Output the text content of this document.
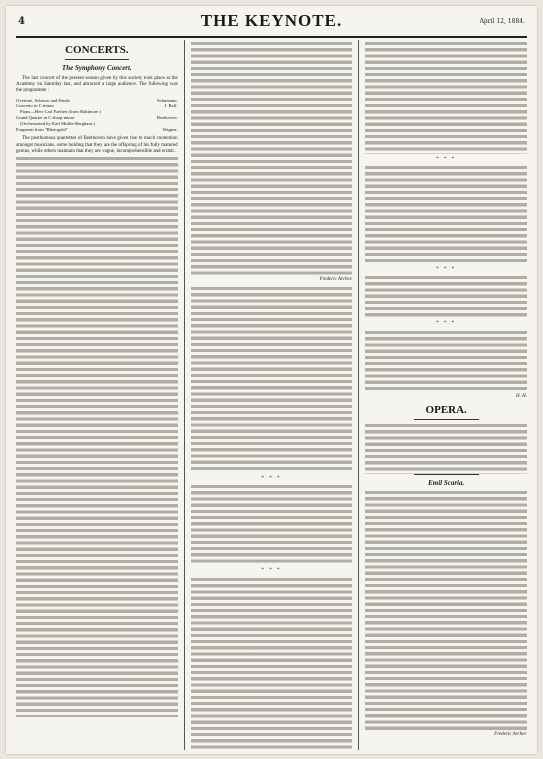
4	THE KEYNOTE.	April 12, 1884.
CONCERTS.
The Symphony Concert.

The last concert of the present season given by this society took place at the Academy on Saturday last, and attracted a large audience. The following was the programme :

Overture, Scherzo and Finale	Schumann.
Concerto in C minor	J. Raff.
Piano—Herr Carl Faelten (from Baltimore.)
Grand Quartet in C sharp minor	Beethoven.
(Orchestrated by Karl Muller-Berghaus.)
Fragment from "Rheingold"	Wagner.

The posthumous quartettes of Beethoven have given rise to much contention amongst musicians, some holding that they are the offspring of his fully matured genius, while others maintain that they are vague, incomprehensible and erratic.

Frederic Archer.
* * *
* * *
* * *
* * *
* * *
H. H.
OPERA.
Emil Scaria.
Frederic Archer.
